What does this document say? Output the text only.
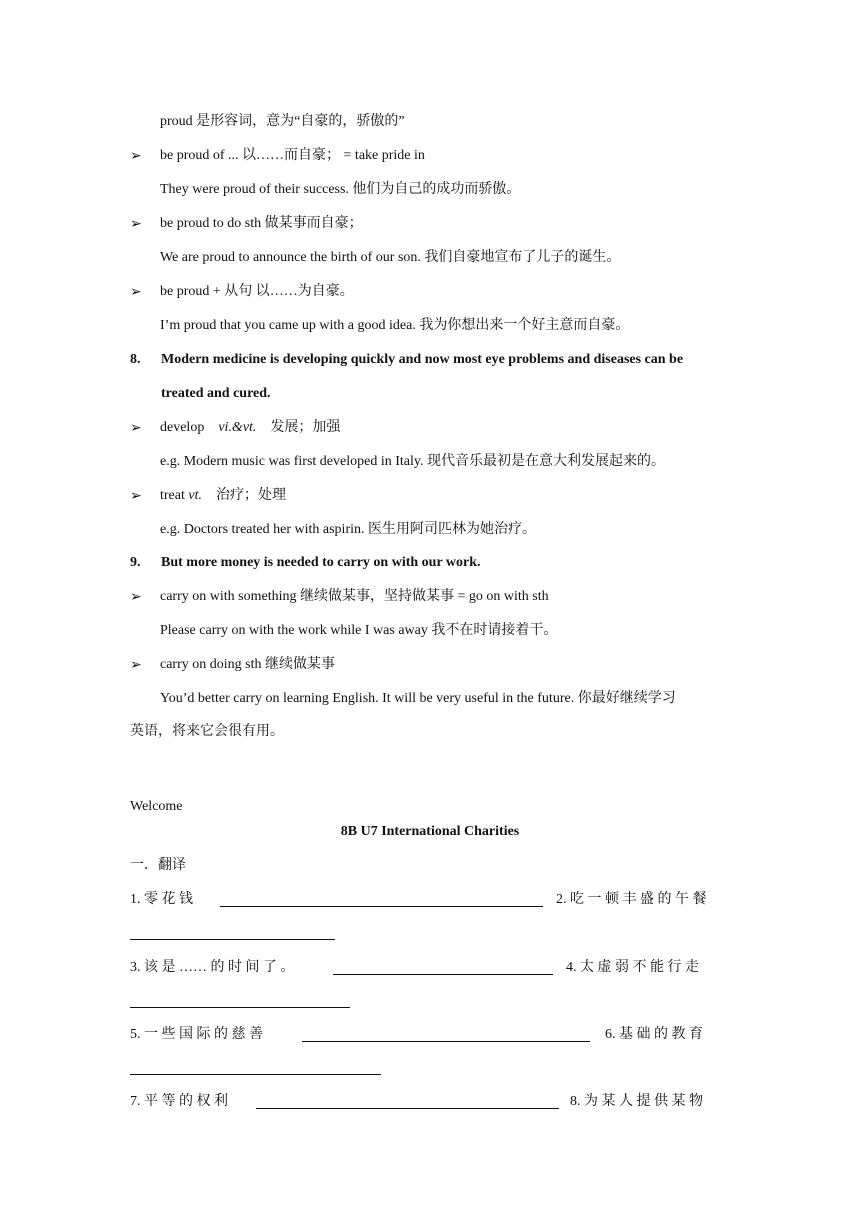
proud 是形容词，意为“自豪的，骄傲的”
➢ be proud of ... 以……而自豪； = take pride in
They were proud of their success. 他们为自己的成功而骄傲。
➢ be proud to do sth 做某事而自豪；
We are proud to announce the birth of our son. 我们自豪地宣布了儿子的诞生。
➢ be proud + 从句 以……为自豪。
I’m proud that you came up with a good idea. 我为你想出来一个好主意而自豪。
8. Modern medicine is developing quickly and now most eye problems and diseases can be
treated and cured.
➢ develop vi.&vt. 发展；加强
e.g. Modern music was first developed in Italy. 现代音乐最初是在意大利发展起来的。
➢ treat vt. 治疗；处理
e.g. Doctors treated her with aspirin. 医生用阿司匹林为她治疗。
9. But more money is needed to carry on with our work.
➢ carry on with something 继续做某事，坚持做某事 = go on with sth
Please carry on with the work while I was away 我不在时请接着干。
➢ carry on doing sth 继续做某事
You’d better carry on learning English. It will be very useful in the future. 你最好继续学习
英语，将来它会很有用。
Welcome
8B U7 International Charities
一．翻译
1. 零 花 钱	2. 吃 一 顿 丰 盛 的 午 餐
3. 该 是 …… 的 时 间 了 。	4. 太 虚 弱 不 能 行 走
5. 一 些 国 际 的 慈 善	6. 基 础 的 教 育
7. 平 等 的 权 利	8. 为 某 人 提 供 某 物
